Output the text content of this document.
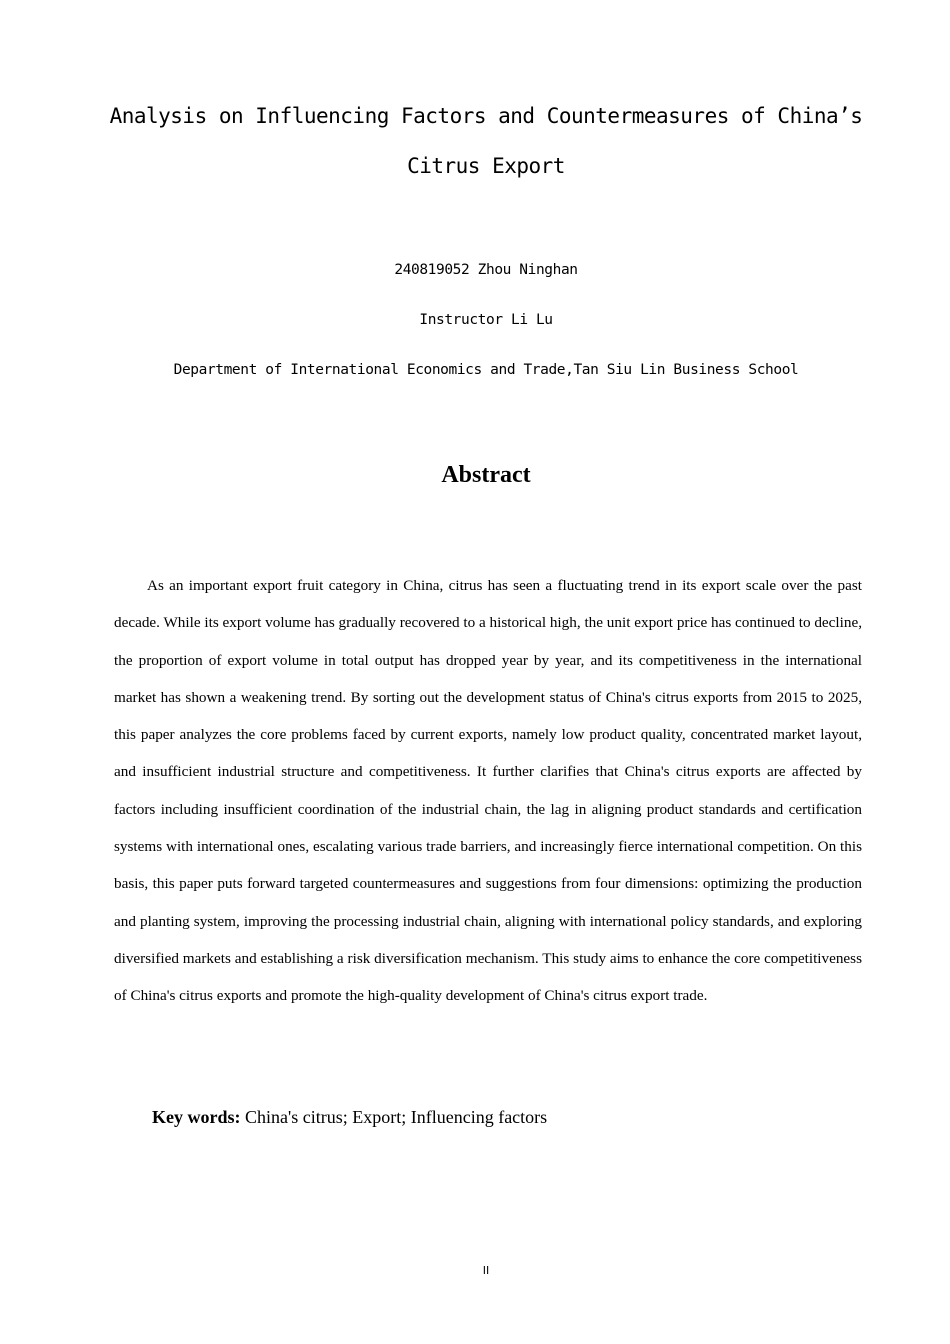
Analysis on Influencing Factors and Countermeasures of China’s
Citrus Export
240819052 Zhou Ninghan
Instructor Li Lu
Department of International Economics and Trade,Tan Siu Lin Business School
Abstract

As an important export fruit category in China, citrus has seen a fluctuating trend in its export scale over the past decade. While its export volume has gradually recovered to a historical high, the unit export price has continued to decline, the proportion of export volume in total output has dropped year by year, and its competitiveness in the international market has shown a weakening trend. By sorting out the development status of China's citrus exports from 2015 to 2025, this paper analyzes the core problems faced by current exports, namely low product quality, concentrated market layout, and insufficient industrial structure and competitiveness. It further clarifies that China's citrus exports are affected by factors including insufficient coordination of the industrial chain, the lag in aligning product standards and certification systems with international ones, escalating various trade barriers, and increasingly fierce international competition. On this basis, this paper puts forward targeted countermeasures and suggestions from four dimensions: optimizing the production and planting system, improving the processing industrial chain, aligning with international policy standards, and exploring diversified markets and establishing a risk diversification mechanism. This study aims to enhance the core competitiveness of China's citrus exports and promote the high-quality development of China's citrus export trade.

Key words: China's citrus; Export; Influencing factors
II
